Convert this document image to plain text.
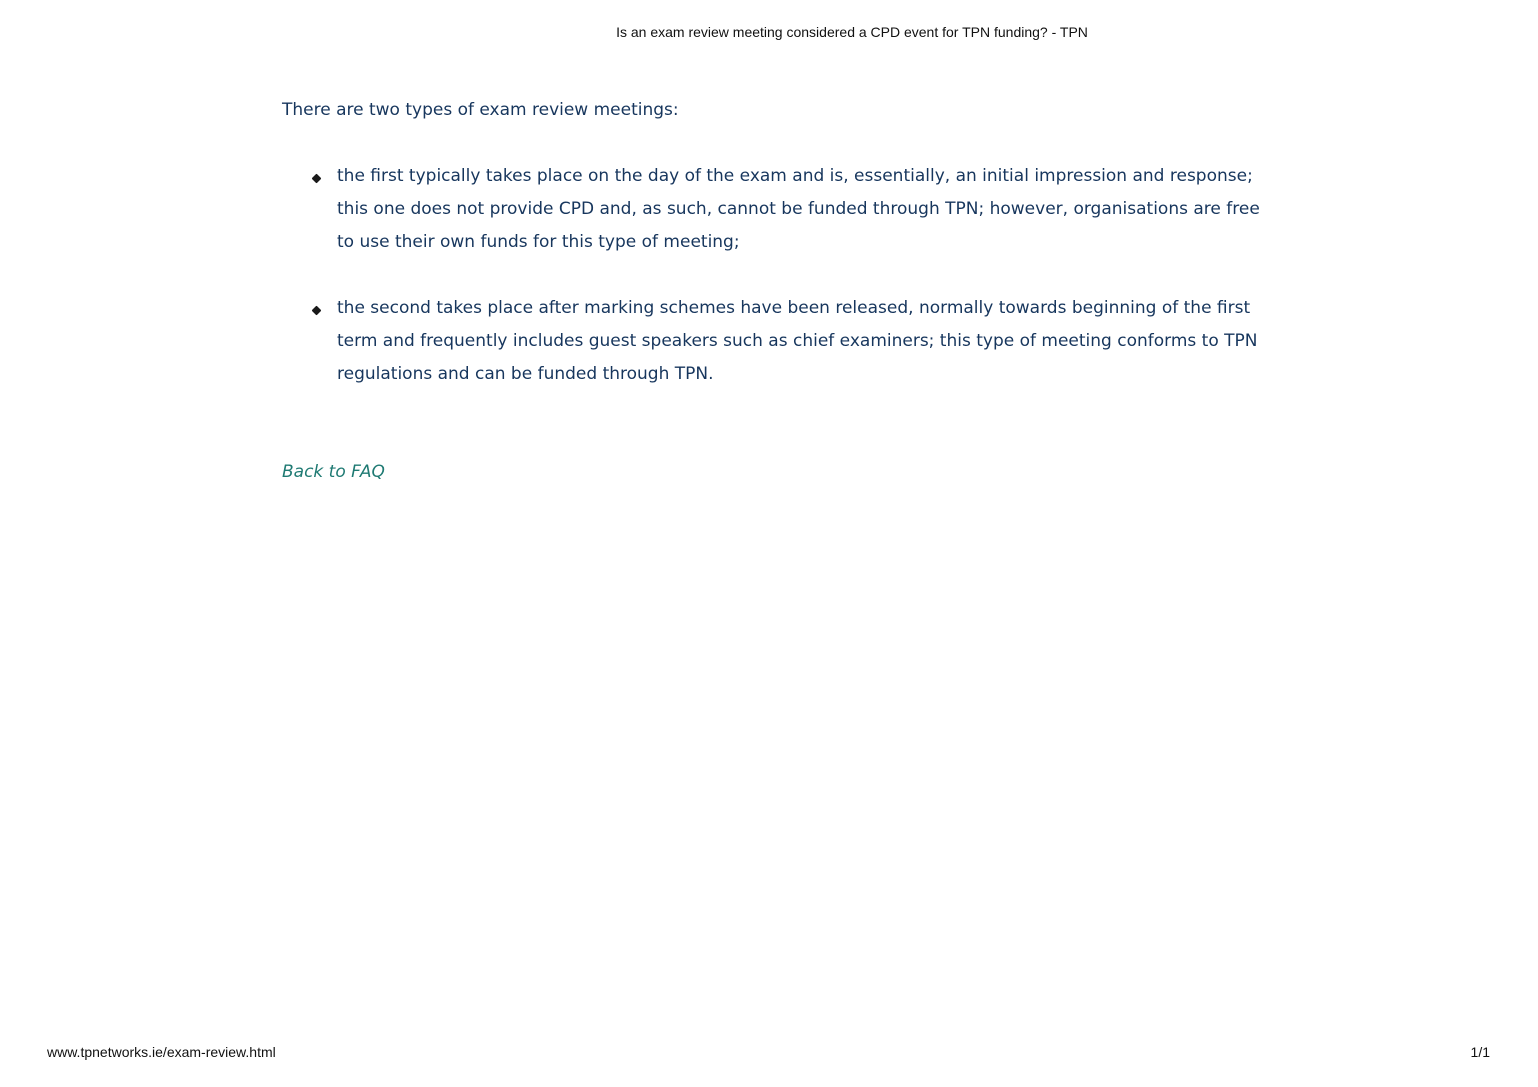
Is an exam review meeting considered a CPD event for TPN funding? - TPN

There are two types of exam review meetings:

the first typically takes place on the day of the exam and is, essentially, an initial impression and response; this one does not provide CPD and, as such, cannot be funded through TPN; however, organisations are free to use their own funds for this type of meeting;
the second takes place after marking schemes have been released, normally towards beginning of the first term and frequently includes guest speakers such as chief examiners; this type of meeting conforms to TPN regulations and can be funded through TPN.
Back to FAQ
www.tpnetworks.ie/exam-review.html	1/1
